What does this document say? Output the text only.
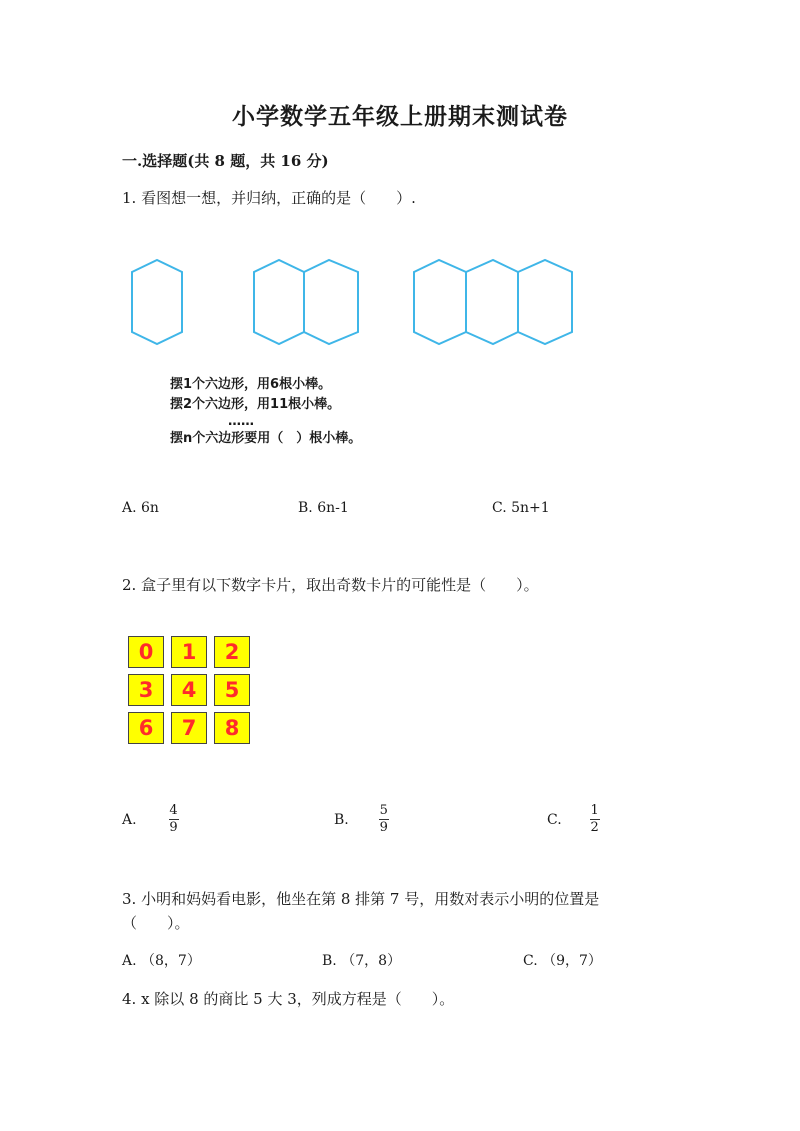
小学数学五年级上册期末测试卷
一.选择题(共 8 题，共 16 分)
1. 看图想一想，并归纳，正确的是（　　）.
摆1个六边形，用6根小棒。
摆2个六边形，用11根小棒。
……
摆n个六边形要用（　）根小棒。
A. 6n	B. 6n-1	C. 5n+1
2. 盒子里有以下数字卡片，取出奇数卡片的可能性是（　　）。
0	1	2
3	4	5
6	7	8
A. $\frac{4}{9}$	B. $\frac{5}{9}$	C. $\frac{1}{2}$
3. 小明和妈妈看电影，他坐在第 8 排第 7 号，用数对表示小明的位置是
（　　）。
A. （8，7）	B. （7，8）	C. （9，7）
4. x 除以 8 的商比 5 大 3，列成方程是（　　）。
